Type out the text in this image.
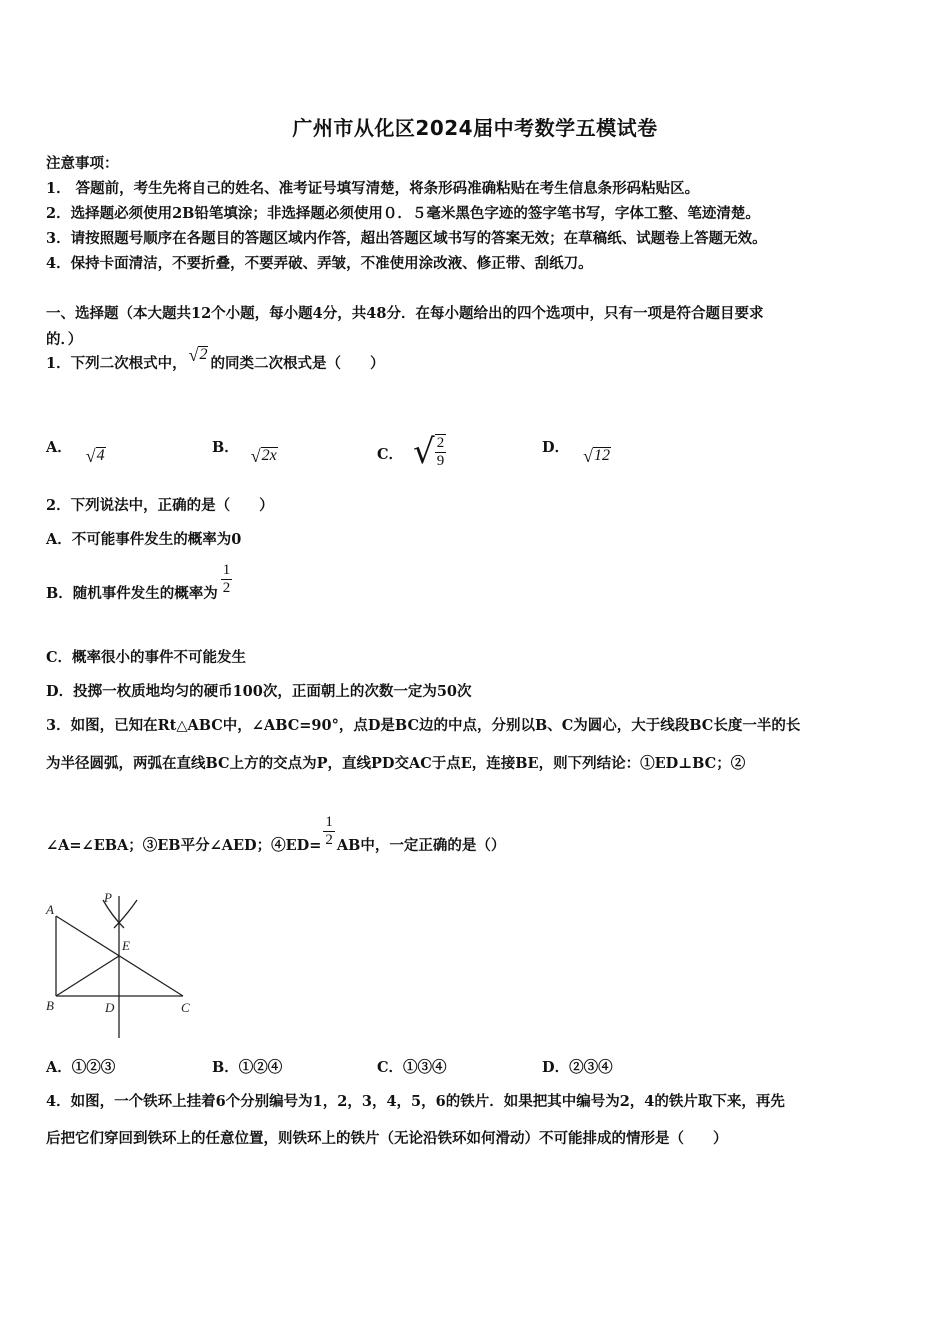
广州市从化区2024届中考数学五模试卷
注意事项：
1． 答题前，考生先将自己的姓名、准考证号填写清楚，将条形码准确粘贴在考生信息条形码粘贴区。
2．选择题必须使用2B铅笔填涂；非选择题必须使用０．５毫米黑色字迹的签字笔书写，字体工整、笔迹清楚。
3．请按照题号顺序在各题目的答题区域内作答，超出答题区域书写的答案无效；在草稿纸、试题卷上答题无效。
4．保持卡面清洁，不要折叠，不要弄破、弄皱，不准使用涂改液、修正带、刮纸刀。
一、选择题（本大题共12个小题，每小题4分，共48分．在每小题给出的四个选项中，只有一项是符合题目要求
的．）
1．下列二次根式中， √ 2
的同类二次根式是（　　）
A． √ 4	B． √ 2x	C． √ $\frac{2}{9}$	D． √ 12
2．下列说法中，正确的是（　　）
A．不可能事件发生的概率为0
B．随机事件发生的概率为 $\frac{1}{2}$
C．概率很小的事件不可能发生
D．投掷一枚质地均匀的硬币100次，正面朝上的次数一定为50次
3．如图，已知在Rt△ABC中，∠ABC=90°，点D是BC边的中点，分别以B、C为圆心，大于线段BC长度一半的长
为半径圆弧，两弧在直线BC上方的交点为P，直线PD交AC于点E，连接BE，则下列结论：①ED⊥BC；②
∠A=∠EBA；③EB平分∠AED；④ED= $\frac{1}{2}$ AB中，一定正确的是（）
A
P
E
B	D	C
A．①②③	B．①②④	C．①③④	D．②③④
4．如图，一个铁环上挂着6个分别编号为1，2，3，4，5，6的铁片．如果把其中编号为2，4的铁片取下来，再先
后把它们穿回到铁环上的任意位置，则铁环上的铁片（无论沿铁环如何滑动）不可能排成的情形是（　　）
